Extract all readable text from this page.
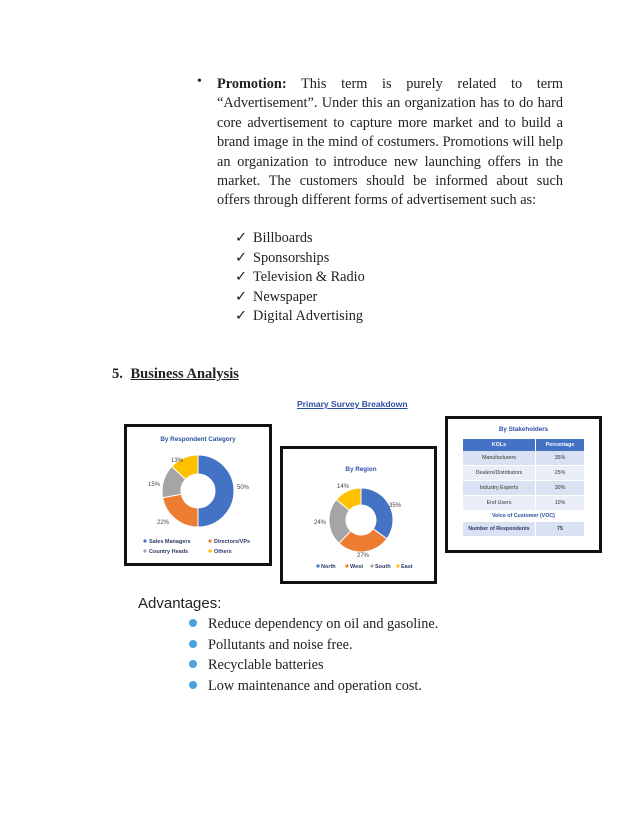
• Promotion: This term is purely related to term
“Advertisement”. Under this an organization has to do hard core advertisement to capture more market and to build a brand image in the mind of costumers. Promotions will help an organization to introduce new launching offers in the market. The customers should be informed about such offers through different forms of advertisement such as:
✓ Billboards
✓ Sponsorships
✓ Television & Radio
✓ Newspaper
✓ Digital Advertising
5. Business Analysis
Primary Survey Breakdown
By Respondent Category
50%
22%
15%
13%
Sales Managers	Directors/VPs
Country Heads	Others
By Region
35%
27%
24%
14%
North	West South East
By Stakeholders
KOLs	Percentage
Manufacturers	35%
Dealers/Distributors	25%
Industry Experts	30%
End Users	10%
Voice of Customer (VOC)	
Number of Respondents	75
Advantages:
Reduce dependency on oil and gasoline.
Pollutants and noise free.
Recyclable batteries
Low maintenance and operation cost.
